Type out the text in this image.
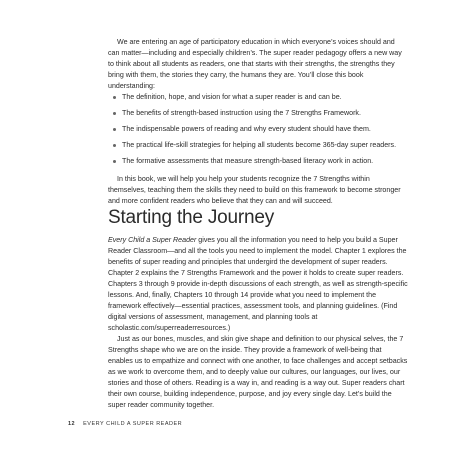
We are entering an age of participatory education in which everyone’s voices should and can matter—including and especially children’s. The super reader pedagogy offers a new way to think about all students as readers, one that starts with their strengths, the strengths they bring with them, the stories they carry, the humans they are. You’ll close this book understanding:

The definition, hope, and vision for what a super reader is and can be.
The benefits of strength-based instruction using the 7 Strengths Framework.
The indispensable powers of reading and why every student should have them.
The practical life-skill strategies for helping all students become 365-day super readers.
The formative assessments that measure strength-based literacy work in action.

In this book, we will help you help your students recognize the 7 Strengths within themselves, teaching them the skills they need to build on this framework to become stronger and more confident readers who believe that they can and will succeed.

Starting the Journey

Every Child a Super Reader gives you all the information you need to help you build a Super Reader Classroom—and all the tools you need to implement the model. Chapter 1 explores the benefits of super reading and principles that undergird the development of super readers. Chapter 2 explains the 7 Strengths Framework and the power it holds to create super readers. Chapters 3 through 9 provide in-depth discussions of each strength, as well as strength-specific lessons. And, finally, Chapters 10 through 14 provide what you need to implement the framework effectively—essential practices, assessment tools, and planning guidelines. (Find digital versions of assessment, management, and planning tools at scholastic.com/superreaderresources.)

Just as our bones, muscles, and skin give shape and definition to our physical selves, the 7 Strengths shape who we are on the inside. They provide a framework of well-being that enables us to empathize and connect with one another, to face challenges and accept setbacks as we work to overcome them, and to deeply value our cultures, our languages, our lives, our stories and those of others. Reading is a way in, and reading is a way out. Super readers chart their own course, building independence, purpose, and joy every single day. Let’s build the super reader community together.

12 EVERY CHILD A SUPER READER
